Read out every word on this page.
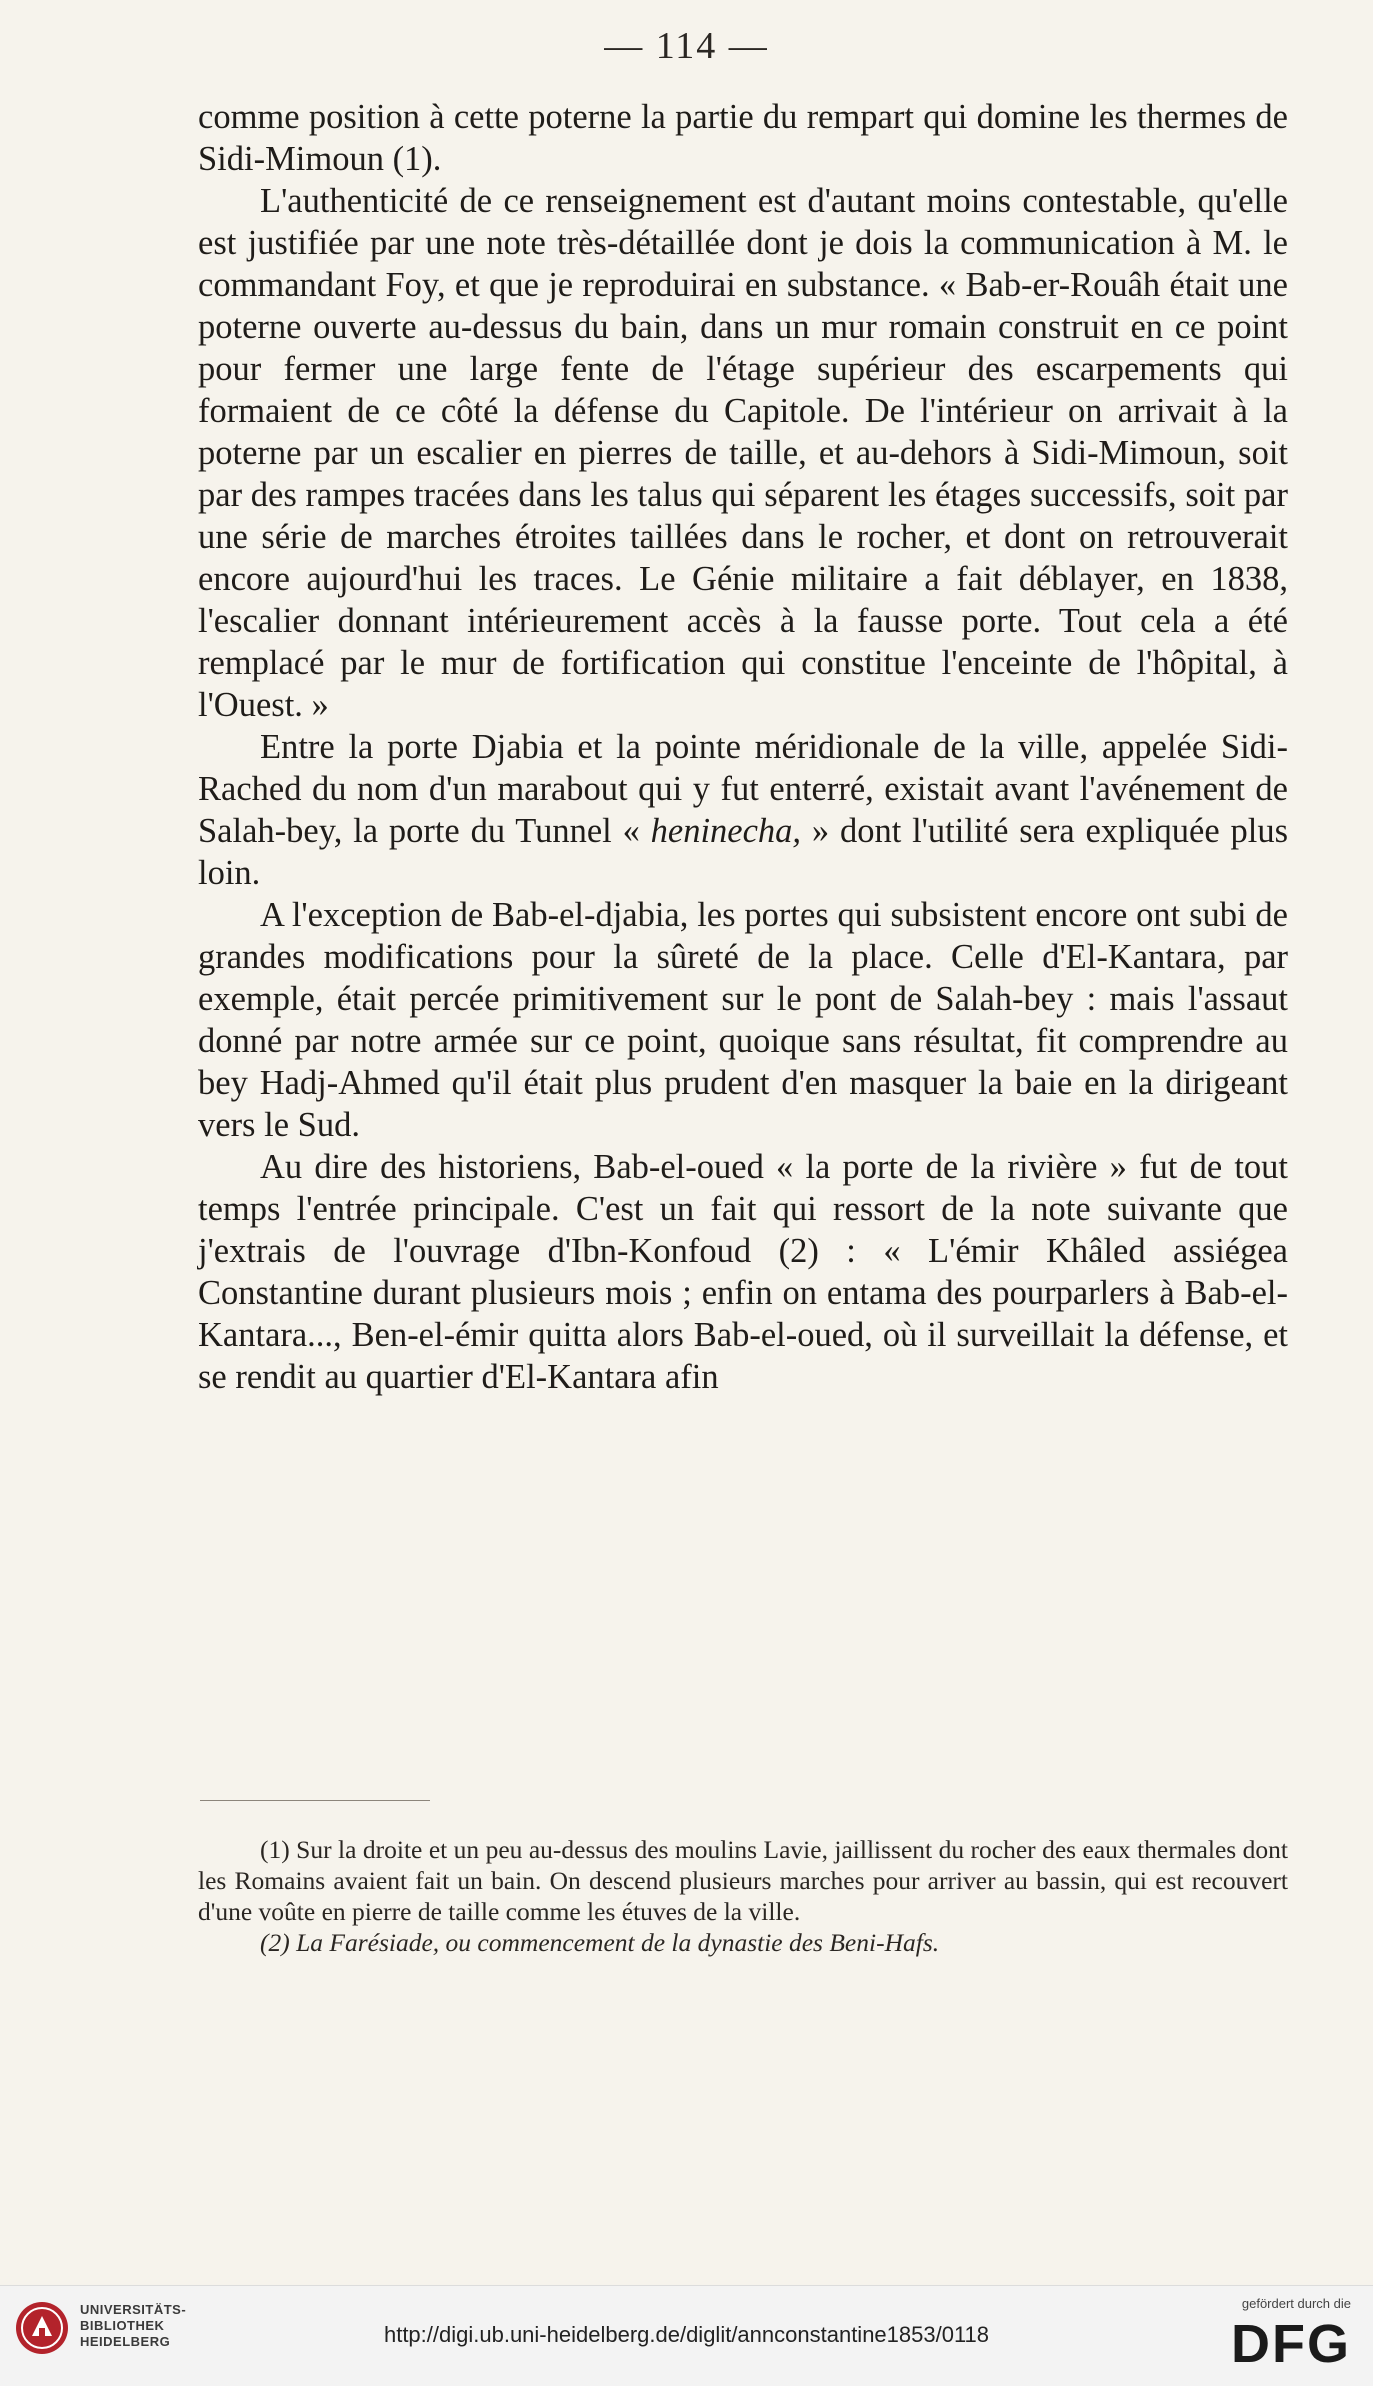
— 114 —

comme position à cette poterne la partie du rempart qui domine les thermes de Sidi-Mimoun (1).

L'authenticité de ce renseignement est d'autant moins contestable, qu'elle est justifiée par une note très-détaillée dont je dois la communication à M. le commandant Foy, et que je reproduirai en substance. « Bab-er-Rouâh était une poterne ouverte au-dessus du bain, dans un mur romain construit en ce point pour fermer une large fente de l'étage supérieur des escarpements qui formaient de ce côté la défense du Capitole. De l'intérieur on arrivait à la poterne par un escalier en pierres de taille, et au-dehors à Sidi-Mimoun, soit par des rampes tracées dans les talus qui séparent les étages successifs, soit par une série de marches étroites taillées dans le rocher, et dont on retrouverait encore aujourd'hui les traces. Le Génie militaire a fait déblayer, en 1838, l'escalier donnant intérieurement accès à la fausse porte. Tout cela a été remplacé par le mur de fortification qui constitue l'enceinte de l'hôpital, à l'Ouest. »

Entre la porte Djabia et la pointe méridionale de la ville, appelée Sidi-Rached du nom d'un marabout qui y fut enterré, existait avant l'avénement de Salah-bey, la porte du Tunnel « heninecha, » dont l'utilité sera expliquée plus loin.

A l'exception de Bab-el-djabia, les portes qui subsistent encore ont subi de grandes modifications pour la sûreté de la place. Celle d'El-Kantara, par exemple, était percée primitivement sur le pont de Salah-bey : mais l'assaut donné par notre armée sur ce point, quoique sans résultat, fit comprendre au bey Hadj-Ahmed qu'il était plus prudent d'en masquer la baie en la dirigeant vers le Sud.

Au dire des historiens, Bab-el-oued « la porte de la rivière » fut de tout temps l'entrée principale. C'est un fait qui ressort de la note suivante que j'extrais de l'ouvrage d'Ibn-Konfoud (2) : « L'émir Khâled assiégea Constantine durant plusieurs mois ; enfin on entama des pourparlers à Bab-el-Kantara..., Ben-el-émir quitta alors Bab-el-oued, où il surveillait la défense, et se rendit au quartier d'El-Kantara afin

(1) Sur la droite et un peu au-dessus des moulins Lavie, jaillissent du rocher des eaux thermales dont les Romains avaient fait un bain. On descend plusieurs marches pour arriver au bassin, qui est recouvert d'une voûte en pierre de taille comme les étuves de la ville.

(2) La Farésiade, ou commencement de la dynastie des Beni-Hafs.

UNIVERSITÄTS-
BIBLIOTHEK
HEIDELBERG	http://digi.ub.uni-heidelberg.de/diglit/annconstantine1853/0118
gefördert durch die
DFG
